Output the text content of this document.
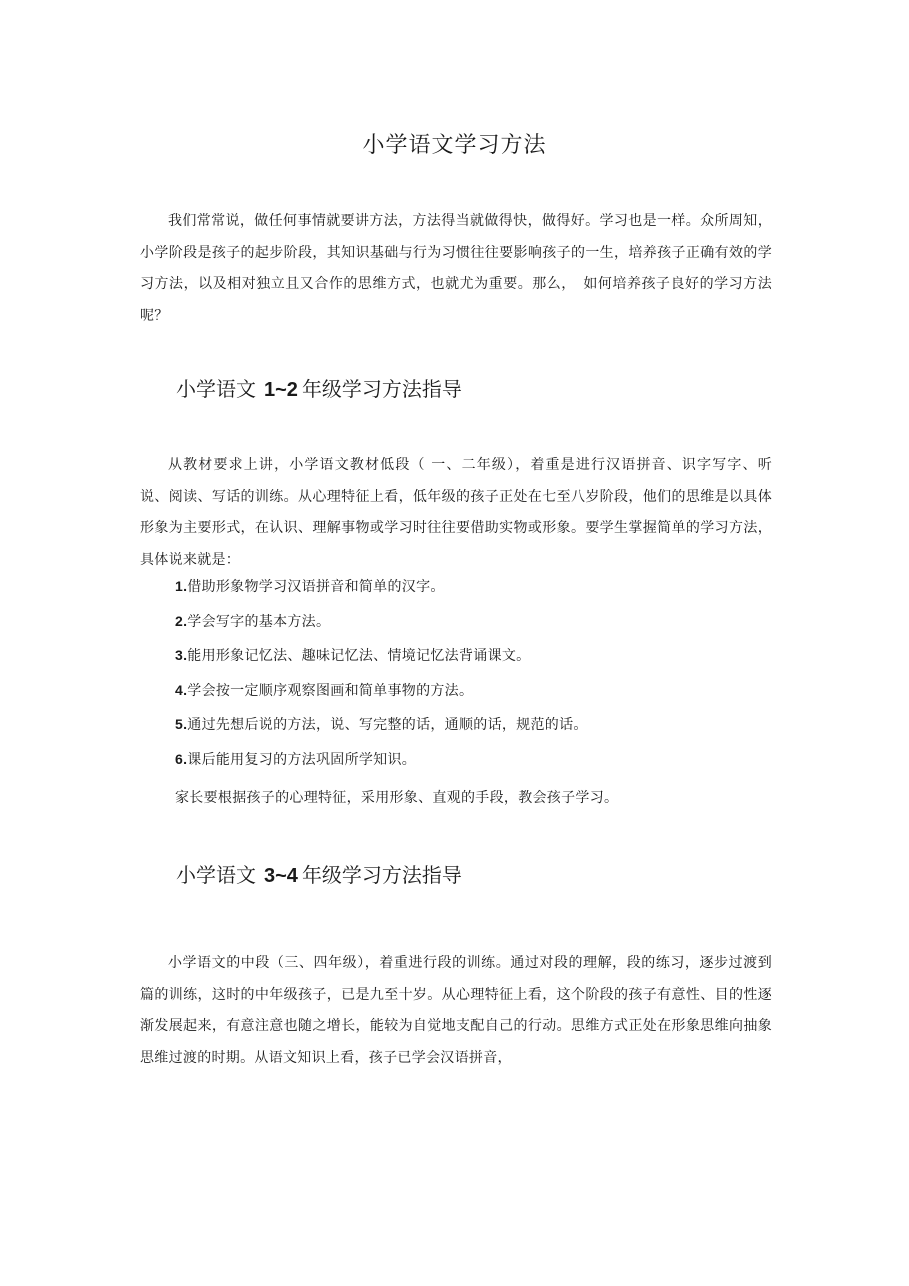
小学语文学习方法

我们常常说，做任何事情就要讲方法，方法得当就做得快，做得好。学习也是一样。众所周知，小学阶段是孩子的起步阶段，其知识基础与行为习惯往往要影响孩子的一生，培养孩子正确有效的学习方法，以及相对独立且又合作的思维方式，也就尤为重要。那么，　如何培养孩子良好的学习方法呢？

小学语文 1~2 年级学习方法指导

从教材要求上讲，小学语文教材低段（ 一、二年级），着重是进行汉语拼音、识字写字、听　说、阅读、写话的训练。从心理特征上看，低年级的孩子正处在七至八岁阶段，他们的思维是以具体形象为主要形式，在认识、理解事物或学习时往往要借助实物或形象。要学生掌握简单的学习方法，具体说来就是：

1.借助形象物学习汉语拼音和简单的汉字。
2.学会写字的基本方法。
3.能用形象记忆法、趣味记忆法、情境记忆法背诵课文。
4.学会按一定顺序观察图画和简单事物的方法。
5.通过先想后说的方法，说、写完整的话，通顺的话，规范的话。
6.课后能用复习的方法巩固所学知识。

家长要根据孩子的心理特征，采用形象、直观的手段，教会孩子学习。

小学语文 3~4 年级学习方法指导

小学语文的中段（三、四年级），着重进行段的训练。通过对段的理解，段的练习，逐步过渡到篇的训练，这时的中年级孩子，已是九至十岁。从心理特征上看，这个阶段的孩子有意性、目的性逐渐发展起来，有意注意也随之增长，能较为自觉地支配自己的行动。思维方式正处在形象思维向抽象思维过渡的时期。从语文知识上看，孩子已学会汉语拼音，
